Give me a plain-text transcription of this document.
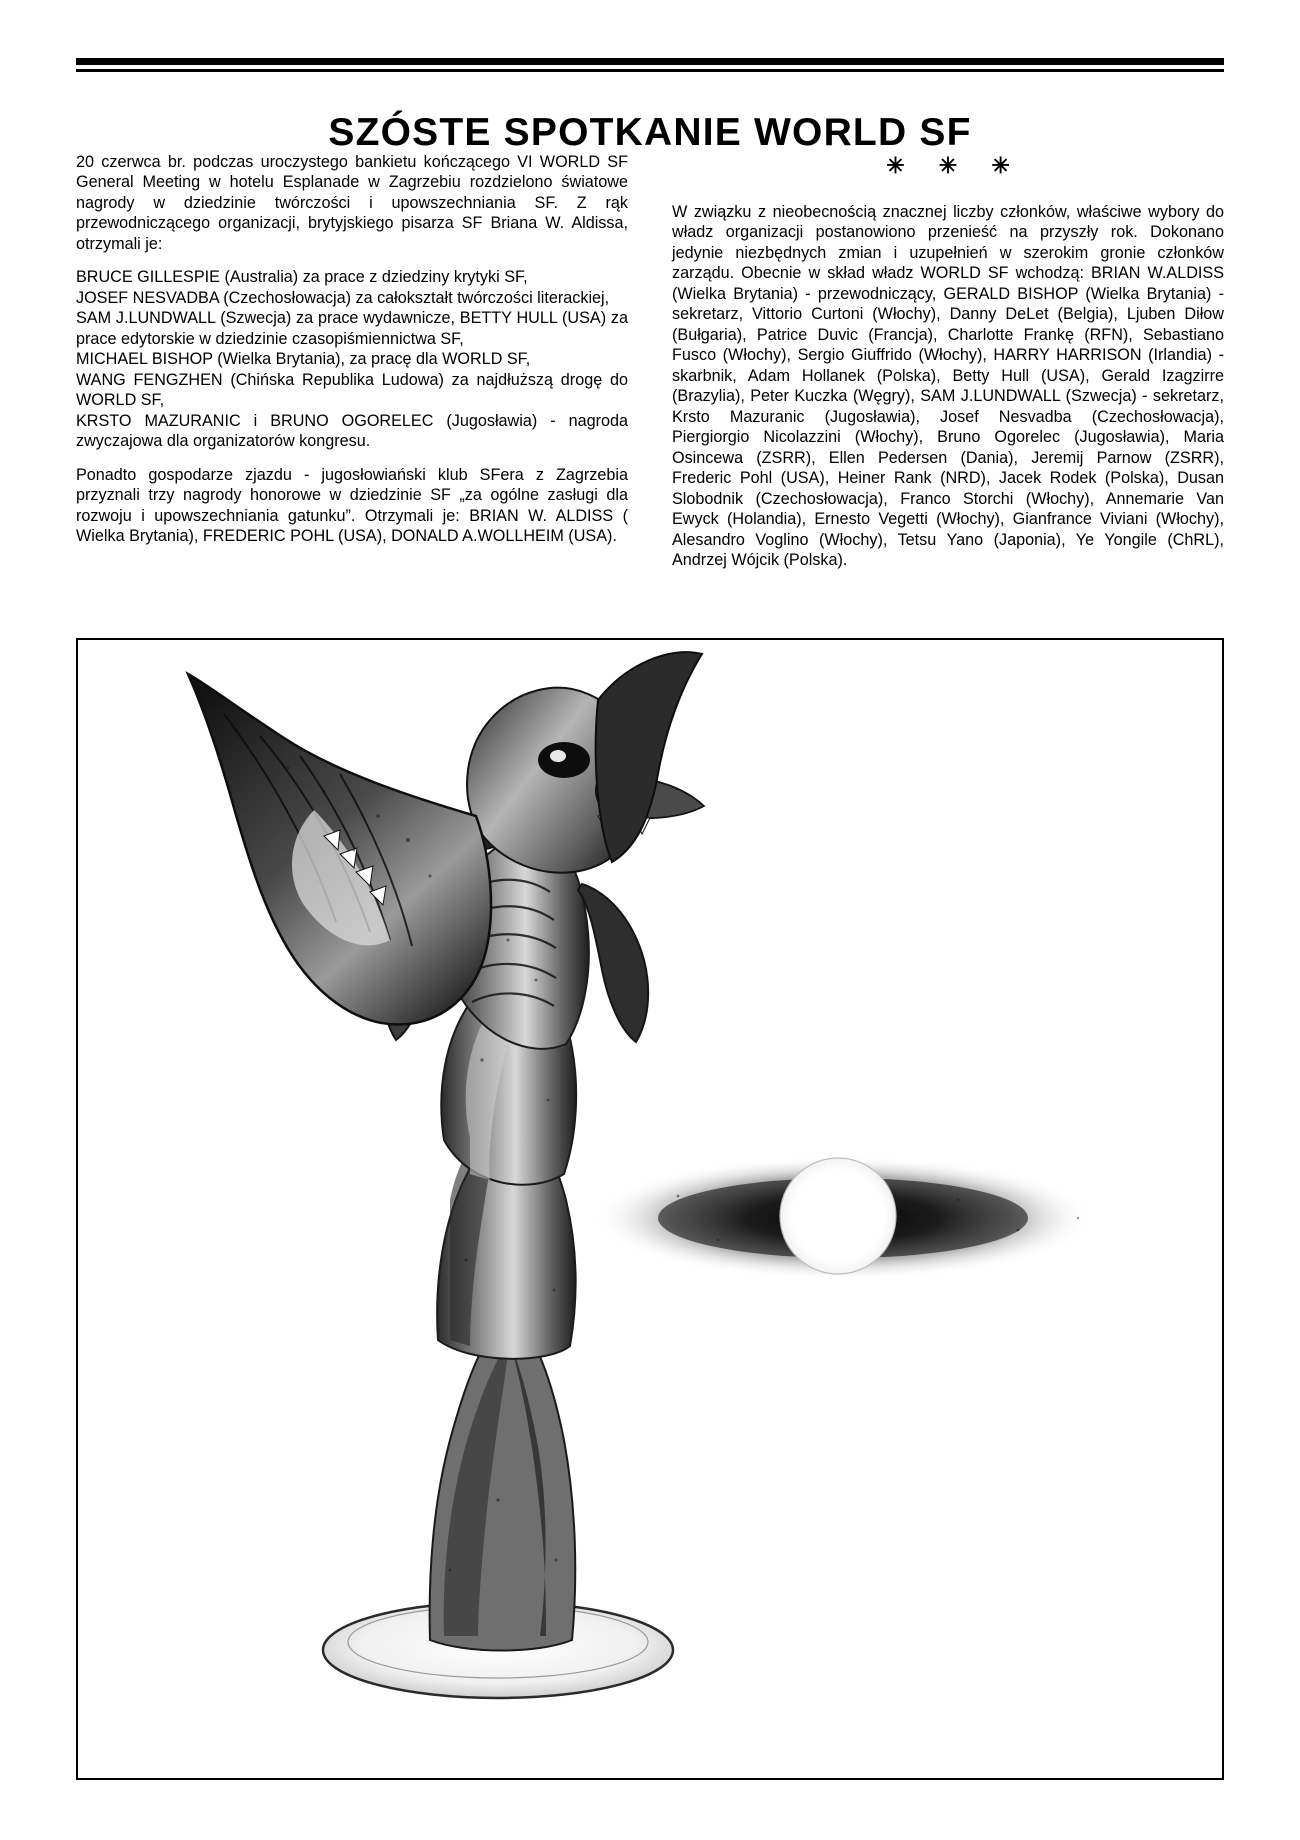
SZÓSTE SPOTKANIE WORLD SF

20 czerwca br. podczas uroczystego bankietu kończącego VI WORLD SF General Meeting w hotelu Esplanade w Zagrzebiu rozdzielono światowe nagrody w dziedzinie twórczości i upowszechniania SF. Z rąk przewodniczącego organizacji, brytyjskiego pisarza SF Briana W. Aldissa, otrzymali je:

BRUCE GILLESPIE (Australia) za prace z dziedziny krytyki SF,

JOSEF NESVADBA (Czechosłowacja) za całokształt twórczości literackiej,

SAM J.LUNDWALL (Szwecja) za prace wydawnicze, BETTY HULL (USA) za prace edytorskie w dziedzinie czasopiśmiennictwa SF,

MICHAEL BISHOP (Wielka Brytania), za pracę dla WORLD SF,

WANG FENGZHEN (Chińska Republika Ludowa) za najdłuższą drogę do WORLD SF,

KRSTO MAZURANIC i BRUNO OGORELEC (Jugosławia) - nagroda zwyczajowa dla organizatorów kongresu.

Ponadto gospodarze zjazdu - jugosłowiański klub SFera z Zagrzebia przyznali trzy nagrody honorowe w dziedzinie SF „za ogólne zasługi dla rozwoju i upowszechniania gatunku”. Otrzymali je: BRIAN W. ALDISS ( Wielka Brytania), FREDERIC POHL (USA), DONALD A.WOLLHEIM (USA).

✳ ✳ ✳

W związku z nieobecnością znacznej liczby członków, właściwe wybory do władz organizacji postanowiono przenieść na przyszły rok. Dokonano jedynie niezbędnych zmian i uzupełnień w szerokim gronie członków zarządu. Obecnie w skład władz WORLD SF wchodzą: BRIAN W.ALDISS (Wielka Brytania) - przewodniczący, GERALD BISHOP (Wielka Brytania) - sekretarz, Vittorio Curtoni (Włochy), Danny DeLet (Belgia), Ljuben Diłow (Bułgaria), Patrice Duvic (Francja), Charlotte Frankę (RFN), Sebastiano Fusco (Włochy), Sergio Giuffrido (Włochy), HARRY HARRISON (Irlandia) - skarbnik, Adam Hollanek (Polska), Betty Hull (USA), Gerald Izagzirre (Brazylia), Peter Kuczka (Węgry), SAM J.LUNDWALL (Szwecja) - sekretarz, Krsto Mazuranic (Jugosławia), Josef Nesvadba (Czechosłowacja), Piergiorgio Nicolazzini (Włochy), Bruno Ogorelec (Jugosławia), Maria Osincewa (ZSRR), Ellen Pedersen (Dania), Jeremij Parnow (ZSRR), Frederic Pohl (USA), Heiner Rank (NRD), Jacek Rodek (Polska), Dusan Slobodnik (Czechosłowacja), Franco Storchi (Włochy), Annemarie Van Ewyck (Holandia), Ernesto Vegetti (Włochy), Gianfrance Viviani (Włochy), Alesandro Voglino (Włochy), Tetsu Yano (Japonia), Ye Yongile (ChRL), Andrzej Wójcik (Polska).
